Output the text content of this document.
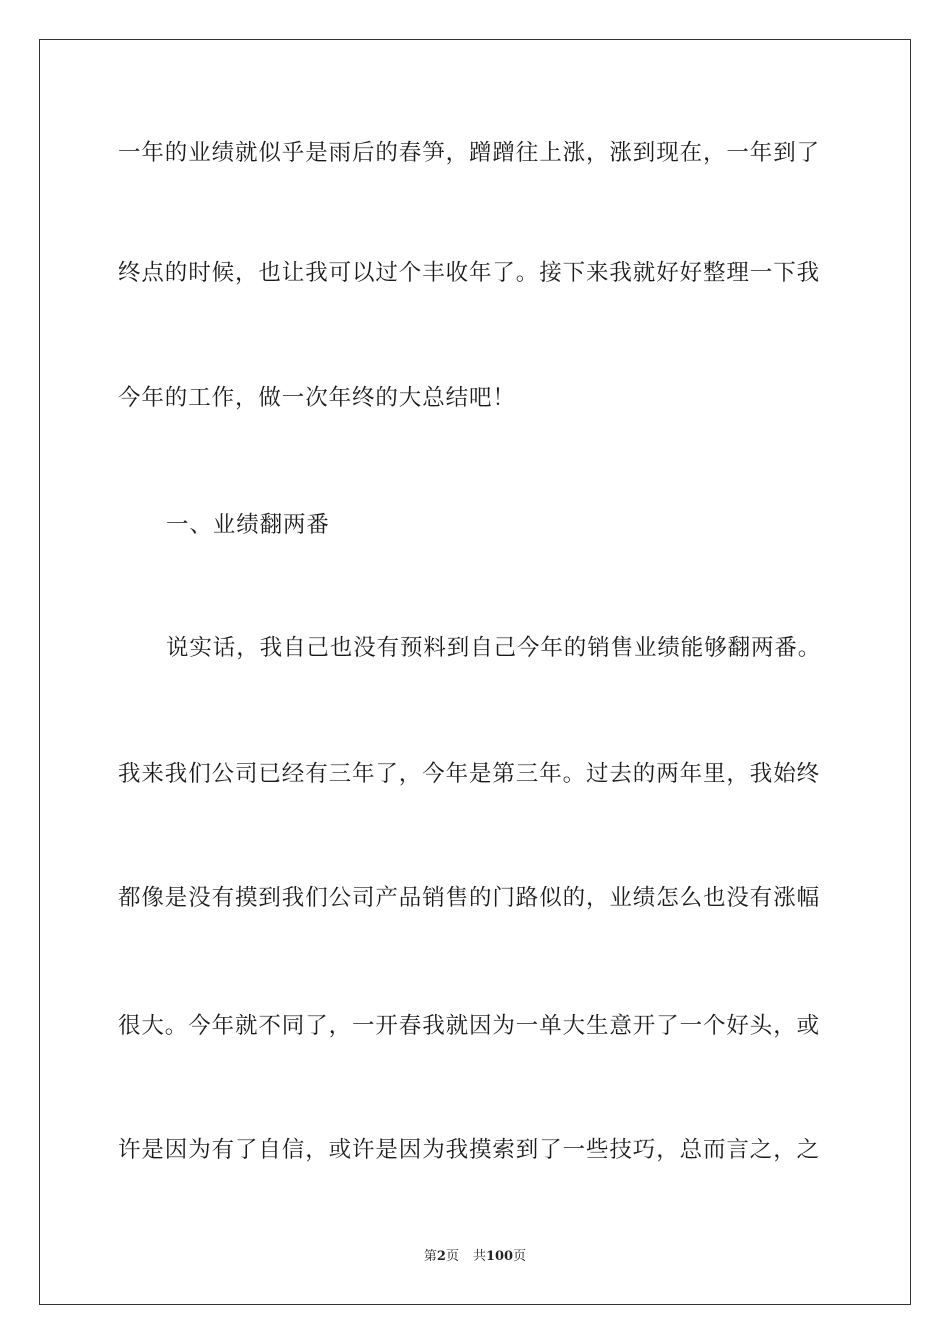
一年的业绩就似乎是雨后的春笋，蹭蹭往上涨，涨到现在，一年到了
终点的时候，也让我可以过个丰收年了。接下来我就好好整理一下我
今年的工作，做一次年终的大总结吧！
一、业绩翻两番
说实话，我自己也没有预料到自己今年的销售业绩能够翻两番。
我来我们公司已经有三年了，今年是第三年。过去的两年里，我始终
都像是没有摸到我们公司产品销售的门路似的，业绩怎么也没有涨幅
很大。今年就不同了，一开春我就因为一单大生意开了一个好头，或
许是因为有了自信，或许是因为我摸索到了一些技巧，总而言之，之
第2页 共100页
